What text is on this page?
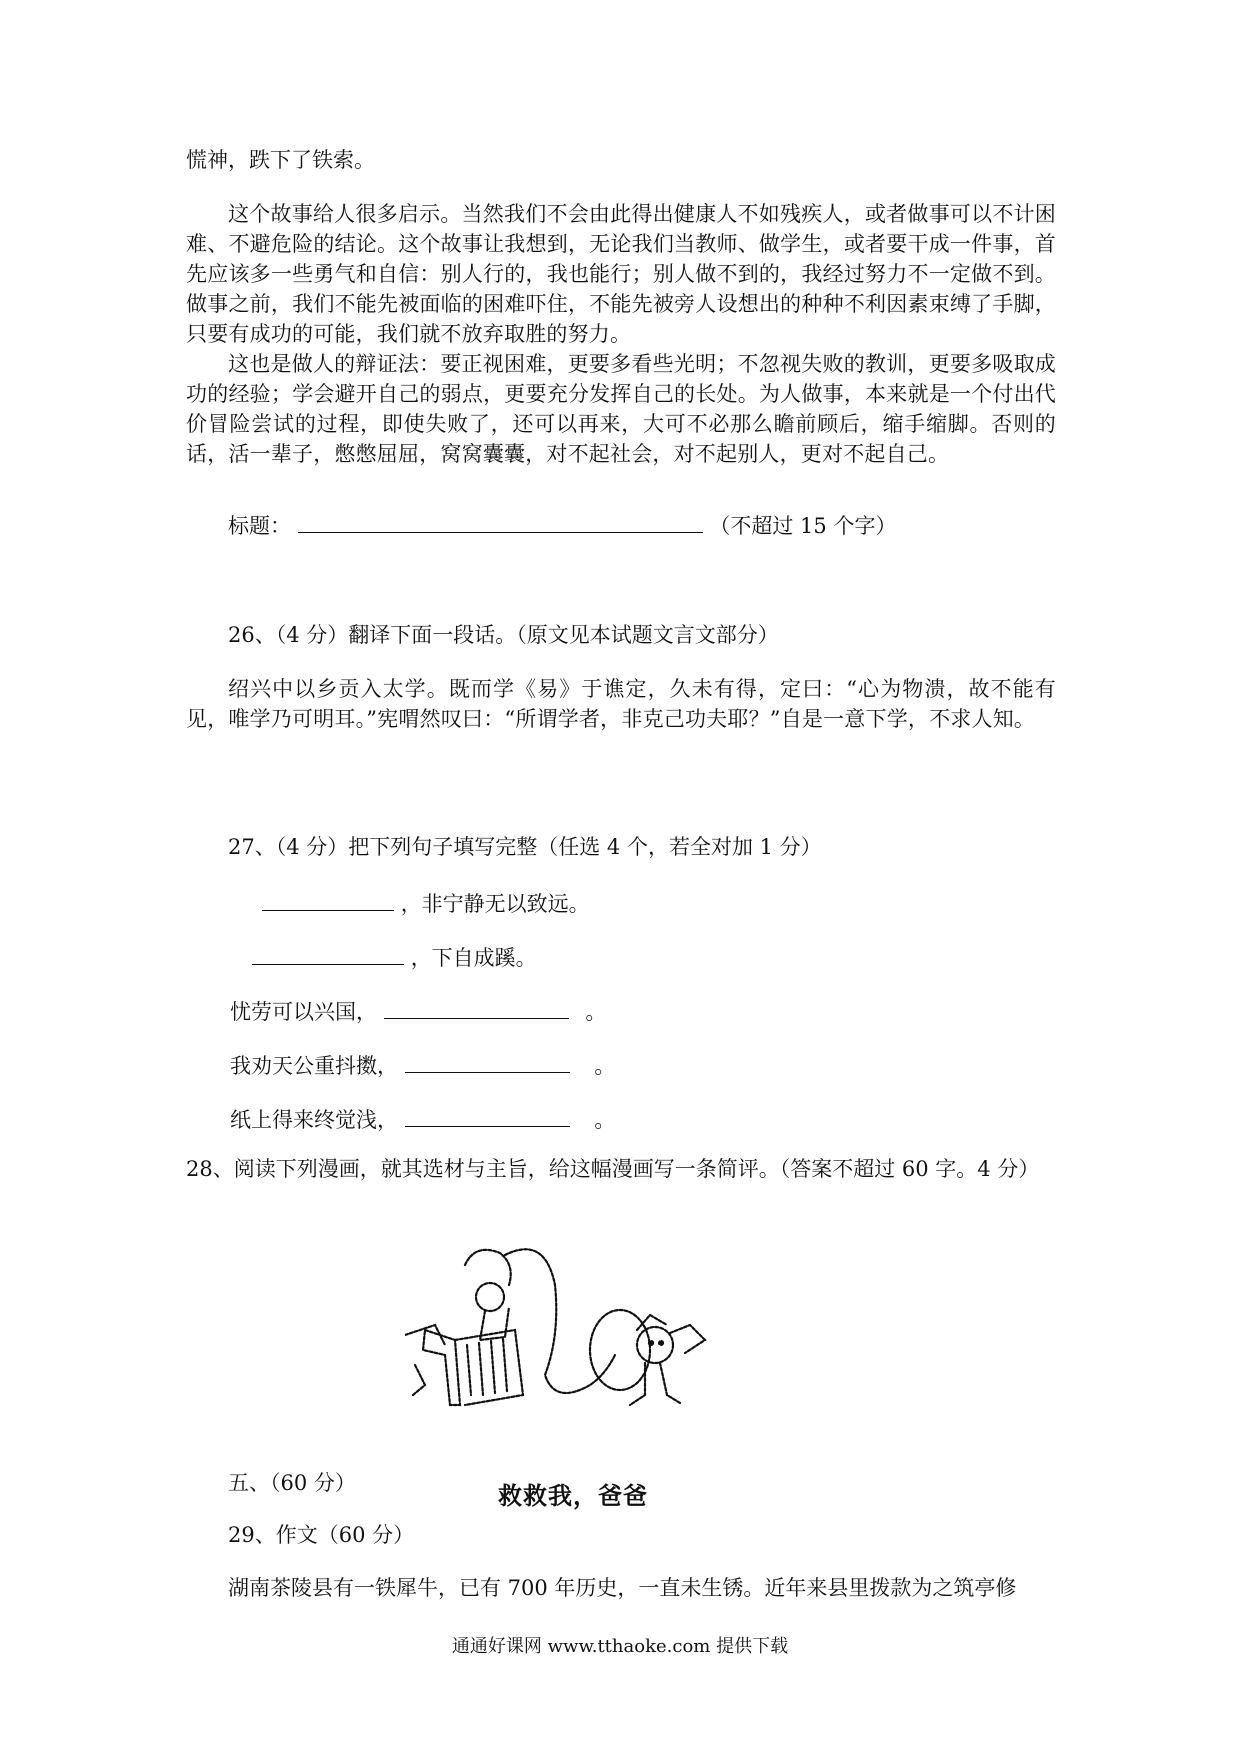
慌神，跌下了铁索。

这个故事给人很多启示。当然我们不会由此得出健康人不如残疾人，或者做事可以不计困难、不避危险的结论。这个故事让我想到，无论我们当教师、做学生，或者要干成一件事，首先应该多一些勇气和自信：别人行的，我也能行；别人做不到的，我经过努力不一定做不到。做事之前，我们不能先被面临的困难吓住，不能先被旁人设想出的种种不利因素束缚了手脚，只要有成功的可能，我们就不放弃取胜的努力。

这也是做人的辩证法：要正视困难，更要多看些光明；不忽视失败的教训，更要多吸取成功的经验；学会避开自己的弱点，更要充分发挥自己的长处。为人做事，本来就是一个付出代价冒险尝试的过程，即使失败了，还可以再来，大可不必那么瞻前顾后，缩手缩脚。否则的话，活一辈子，憋憋屈屈，窝窝囊囊，对不起社会，对不起别人，更对不起自己。

标题：	（不超过 15 个字）
26、（4 分）翻译下面一段话。（原文见本试题文言文部分）

绍兴中以乡贡入太学。既而学《易》于谯定，久未有得，定曰：“心为物溃，故不能有见，唯学乃可明耳。”宪喟然叹曰：“所谓学者，非克己功夫耶？”自是一意下学，不求人知。

27、（4 分）把下列句子填写完整（任选 4 个，若全对加 1 分）
，非宁静无以致远。
，下自成蹊。
忧劳可以兴国，	。
我劝天公重抖擞，	。
纸上得来终觉浅，	。
28、阅读下列漫画，就其选材与主旨，给这幅漫画写一条简评。（答案不超过 60 字。4 分）
救救我，爸爸
五、（60 分）
29、作文（60 分）
湖南茶陵县有一铁犀牛，已有 700 年历史，一直未生锈。近年来县里拨款为之筑亭修
通通好课网 www.tthaoke.com 提供下载
